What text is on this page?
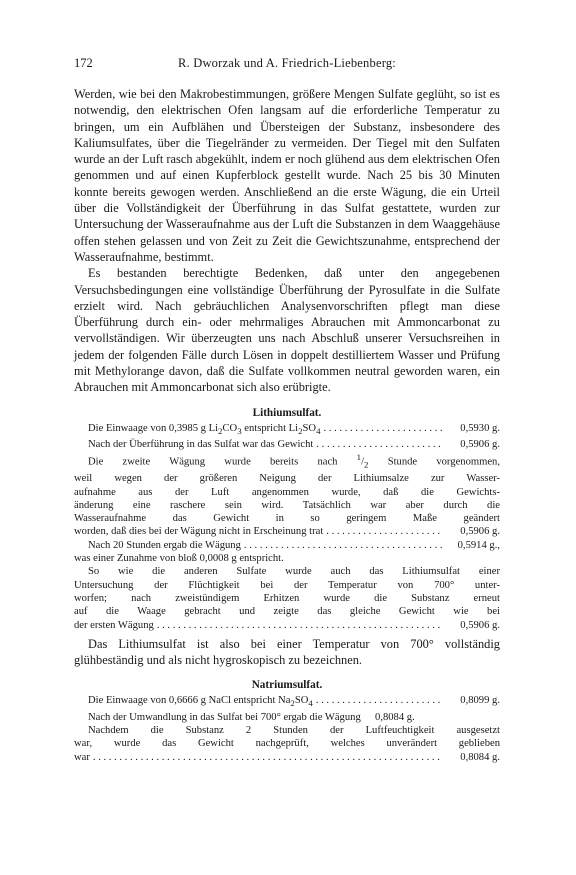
172	R. Dworzak und A. Friedrich-Liebenberg:

Werden, wie bei den Makrobestimmungen, größere Mengen Sulfate geglüht, so ist es notwendig, den elektrischen Ofen langsam auf die erforderliche Temperatur zu bringen, um ein Aufblähen und Übersteigen der Substanz, insbesondere des Kaliumsulfates, über die Tiegelränder zu vermeiden. Der Tiegel mit den Sulfaten wurde an der Luft rasch abgekühlt, indem er noch glühend aus dem elektrischen Ofen genommen und auf einen Kupferblock gestellt wurde. Nach 25 bis 30 Minuten konnte bereits gewogen werden. Anschließend an die erste Wägung, die ein Urteil über die Vollständigkeit der Überführung in das Sulfat gestattete, wurden zur Untersuchung der Wasseraufnahme aus der Luft die Substanzen in dem Waaggehäuse offen stehen gelassen und von Zeit zu Zeit die Gewichtszunahme, entsprechend der Wasseraufnahme, bestimmt.

Es bestanden berechtigte Bedenken, daß unter den angegebenen Versuchsbedingungen eine vollständige Überführung der Pyrosulfate in die Sulfate erzielt wird. Nach gebräuchlichen Analysenvorschriften pflegt man diese Überführung durch ein- oder mehrmaliges Abrauchen mit Ammoncarbonat zu vervollständigen. Wir überzeugten uns nach Abschluß unserer Versuchsreihen in jedem der folgenden Fälle durch Lösen in doppelt destilliertem Wasser und Prüfung mit Methylorange davon, daß die Sulfate vollkommen neutral geworden waren, ein Abrauchen mit Ammoncarbonat sich also erübrigte.

Lithiumsulfat.
Die Einwaage von 0,3985 g $Li_2CO_3$ entspricht $Li_2SO_4$ . . .	0,5930 g.
Nach der Überführung in das Sulfat war das Gewicht . . .	0,5906 g.

Die zweite Wägung wurde bereits nach $^1/_2$ Stunde vorgenommen,

weil wegen der größeren Neigung der Lithiumsalze zur Wasser-

aufnahme aus der Luft angenommen wurde, daß die Gewichts-

änderung eine raschere sein wird. Tatsächlich war aber durch die

Wasseraufnahme das Gewicht in so geringem Maße geändert

worden, daß dies bei der Wägung nicht in Erscheinung trat . . .	0,5906 g.
Nach 20 Stunden ergab die Wägung . . .	0,5914 g.,

was einer Zunahme von bloß 0,0008 g entspricht.

So wie die anderen Sulfate wurde auch das Lithiumsulfat einer

Untersuchung der Flüchtigkeit bei der Temperatur von 700° unter-

worfen; nach zweistündigem Erhitzen wurde die Substanz erneut

auf die Waage gebracht und zeigte das gleiche Gewicht wie bei

der ersten Wägung . . .	0,5906 g.

Das Lithiumsulfat ist also bei einer Temperatur von 700° vollständig glühbeständig und als nicht hygroskopisch zu bezeichnen.

Natriumsulfat.
Die Einwaage von 0,6666 g NaCl entspricht $Na_2SO_4$ . . .	0,8099 g.
Nach der Umwandlung in das Sulfat bei 700° ergab die Wägung	0,8084 g.

Nachdem die Substanz 2 Stunden der Luftfeuchtigkeit ausgesetzt

war, wurde das Gewicht nachgeprüft, welches unverändert geblieben

war . . .	0,8084 g.
